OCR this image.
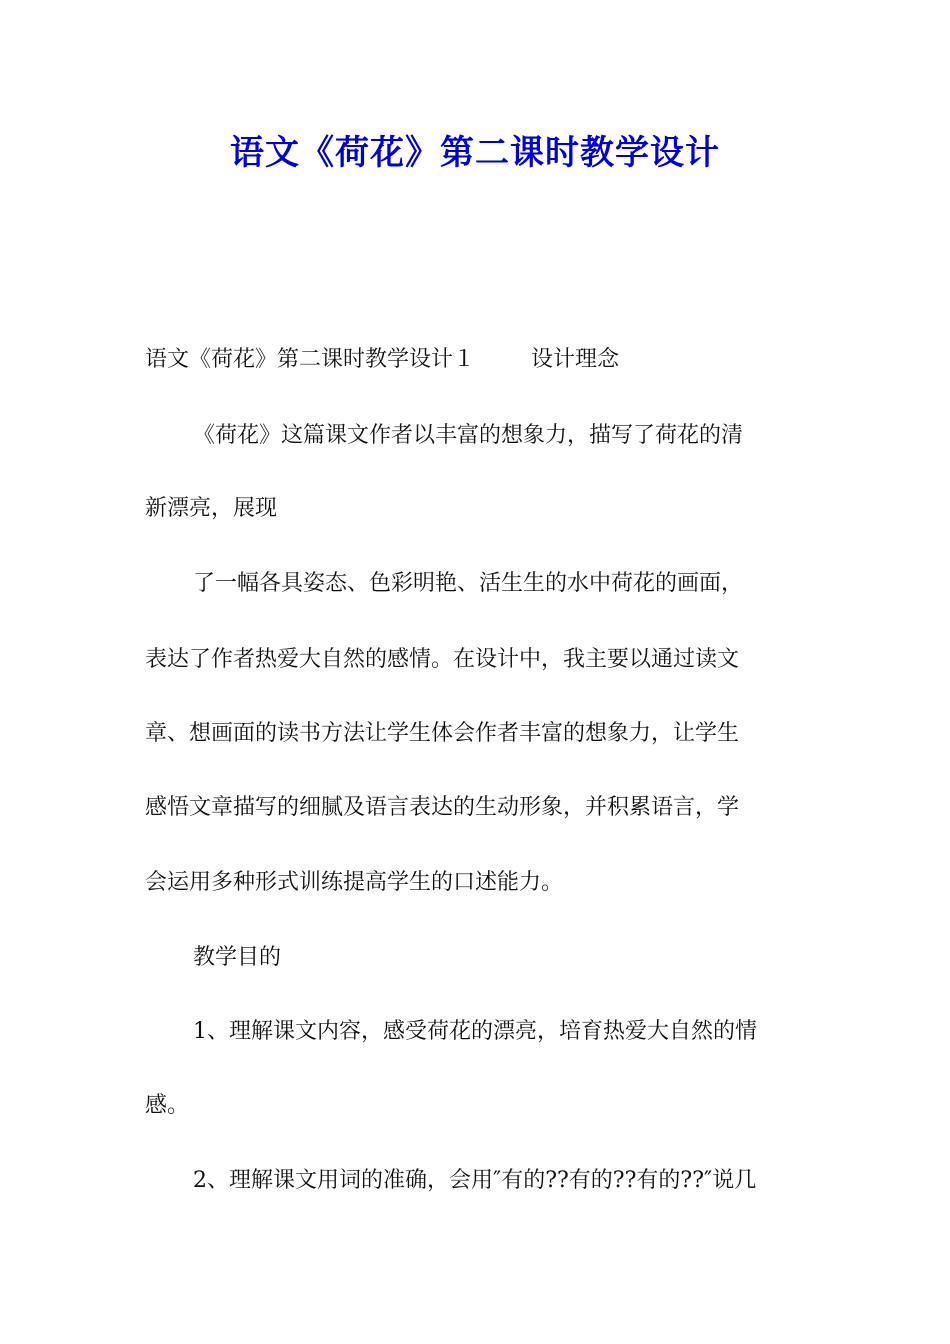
语文《荷花》第二课时教学设计
语文《荷花》第二课时教学设计１	设计理念
《荷花》这篇课文作者以丰富的想象力，描写了荷花的清
新漂亮，展现
了一幅各具姿态、色彩明艳、活生生的水中荷花的画面，
表达了作者热爱大自然的感情。在设计中，我主要以通过读文
章、想画面的读书方法让学生体会作者丰富的想象力，让学生
感悟文章描写的细腻及语言表达的生动形象，并积累语言，学
会运用多种形式训练提高学生的口述能力。
教学目的
1、理解课文内容，感受荷花的漂亮，培育热爱大自然的情
感。
2、理解课文用词的准确，会用″有的??有的??有的??″说几
